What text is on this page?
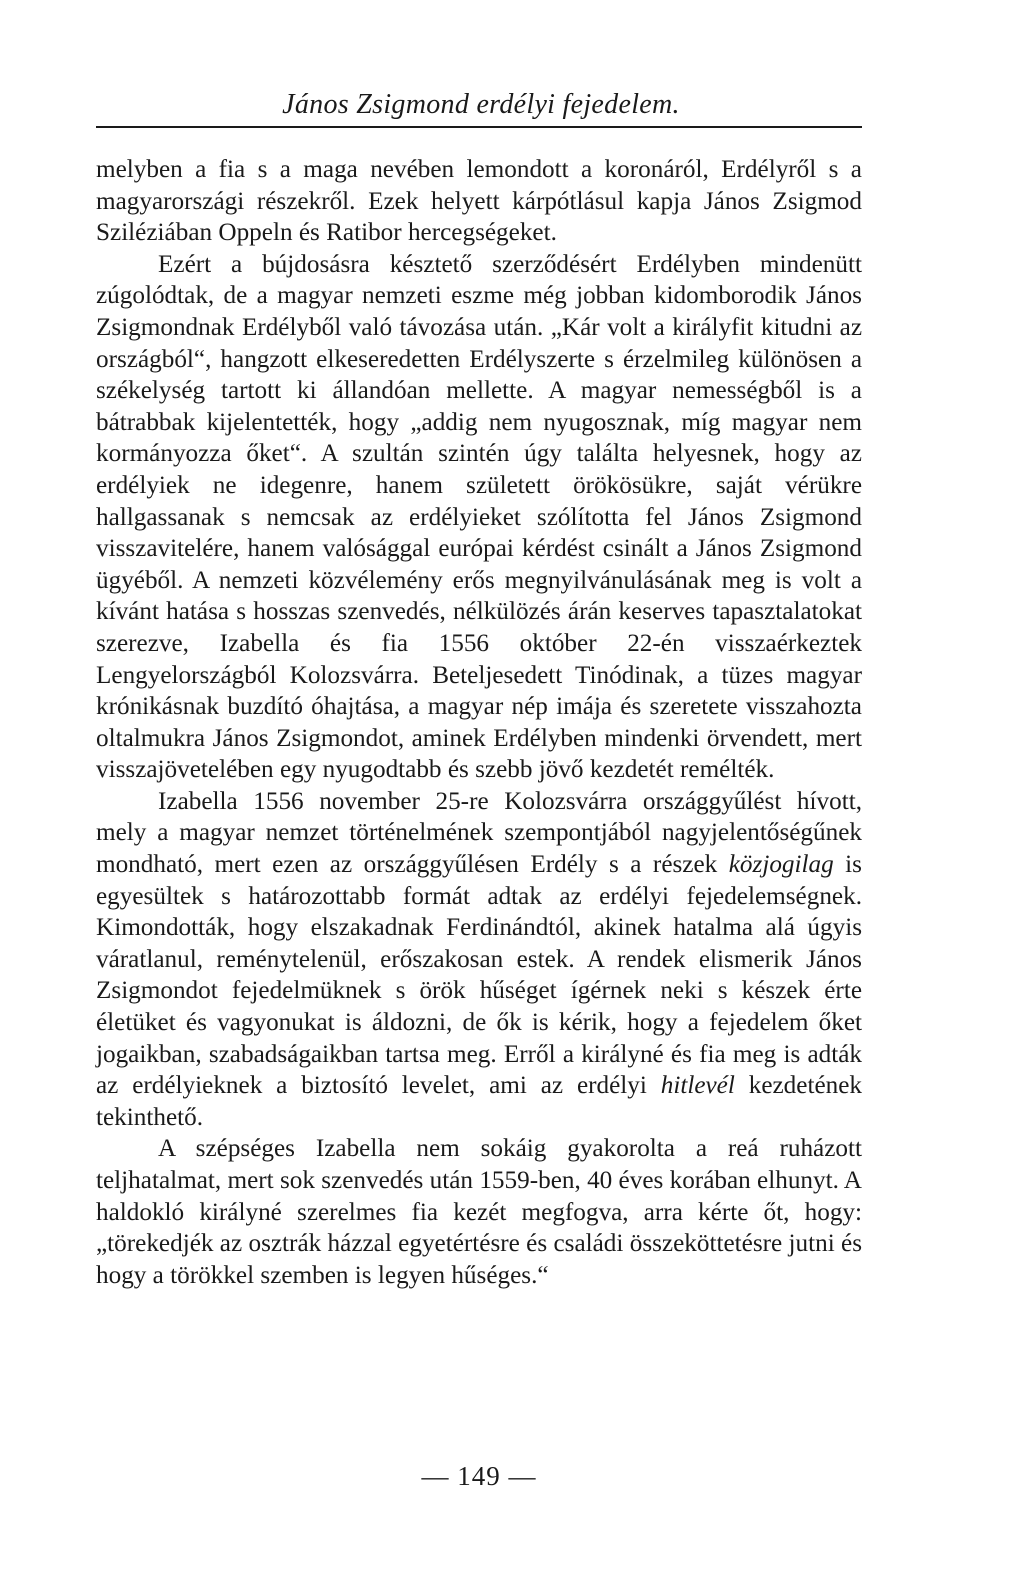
János Zsigmond erdélyi fejedelem.

melyben a fia s a maga nevében lemondott a koronáról, Erdélyről s a magyarországi részekről. Ezek helyett kárpótlásul kapja János Zsigmod Sziléziában Oppeln és Ratibor hercegségeket.

Ezért a bújdosásra késztető szerződésért Erdélyben mindenütt zúgolódtak, de a magyar nemzeti eszme még jobban kidomborodik János Zsigmondnak Erdélyből való távozása után. „Kár volt a királyfit kitudni az országból“, hangzott elkeseredetten Erdélyszerte s érzelmileg különösen a székelység tartott ki állandóan mellette. A magyar nemességből is a bátrabbak kijelentették, hogy „addig nem nyugosznak, míg magyar nem kormányozza őket“. A szultán szintén úgy találta helyesnek, hogy az erdélyiek ne idegenre, hanem született örökösükre, saját vérükre hallgassanak s nemcsak az erdélyieket szólította fel János Zsigmond visszavitelére, hanem valósággal európai kérdést csinált a János Zsigmond ügyéből. A nemzeti közvélemény erős megnyilvánulásának meg is volt a kívánt hatása s hosszas szenvedés, nélkülözés árán keserves tapasztalatokat szerezve, Izabella és fia 1556 október 22-én visszaérkeztek Lengyelországból Kolozsvárra. Beteljesedett Tinódinak, a tüzes magyar krónikásnak buzdító óhajtása, a magyar nép imája és szeretete visszahozta oltalmukra János Zsigmondot, aminek Erdélyben mindenki örvendett, mert visszajövetelében egy nyugodtabb és szebb jövő kezdetét remélték.

Izabella 1556 november 25-re Kolozsvárra országgyűlést hívott, mely a magyar nemzet történelmének szempontjából nagyjelentőségűnek mondható, mert ezen az országgyűlésen Erdély s a részek közjogilag is egyesültek s határozottabb formát adtak az erdélyi fejedelemségnek. Kimondották, hogy elszakadnak Ferdinándtól, akinek hatalma alá úgyis váratlanul, reménytelenül, erőszakosan estek. A rendek elismerik János Zsigmondot fejedelmüknek s örök hűséget ígérnek neki s készek érte életüket és vagyonukat is áldozni, de ők is kérik, hogy a fejedelem őket jogaikban, szabadságaikban tartsa meg. Erről a királyné és fia meg is adták az erdélyieknek a biztosító levelet, ami az erdélyi hitlevél kezdetének tekinthető.

A szépséges Izabella nem sokáig gyakorolta a reá ruházott teljhatalmat, mert sok szenvedés után 1559-ben, 40 éves korában elhunyt. A haldokló királyné szerelmes fia kezét megfogva, arra kérte őt, hogy: „törekedjék az osztrák házzal egyetértésre és családi összeköttetésre jutni és hogy a törökkel szemben is legyen hűséges.“

— 149 —
